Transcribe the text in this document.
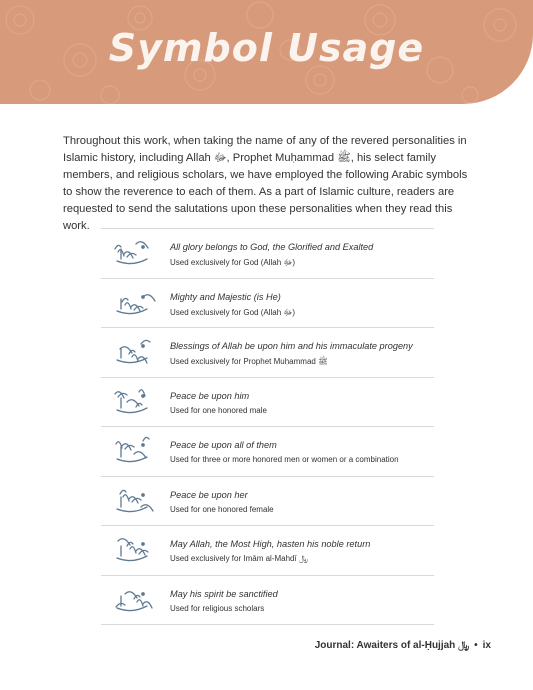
Symbol Usage
Throughout this work, when taking the name of any of the revered personalities in Islamic history, including Allah ﷻ, Prophet Muḥammad ﷺ, his select family members, and religious scholars, we have employed the following Arabic symbols to show the reverence to each of them. As a part of Islamic culture, readers are requested to send the salutations upon these personalities when they read this work.
All glory belongs to God, the Glorified and Exalted
Used exclusively for God (Allah ﷻ)
Mighty and Majestic (is He)
Used exclusively for God (Allah ﷻ)
Blessings of Allah be upon him and his immaculate progeny
Used exclusively for Prophet Muḥammad ﷺ
Peace be upon him
Used for one honored male
Peace be upon all of them
Used for three or more honored men or women or a combination
Peace be upon her
Used for one honored female
May Allah, the Most High, hasten his noble return
Used exclusively for Imām al-Mahdī ﷼
May his spirit be sanctified
Used for religious scholars
Journal: Awaiters of al-Ḥujjah ﷼ • ix
